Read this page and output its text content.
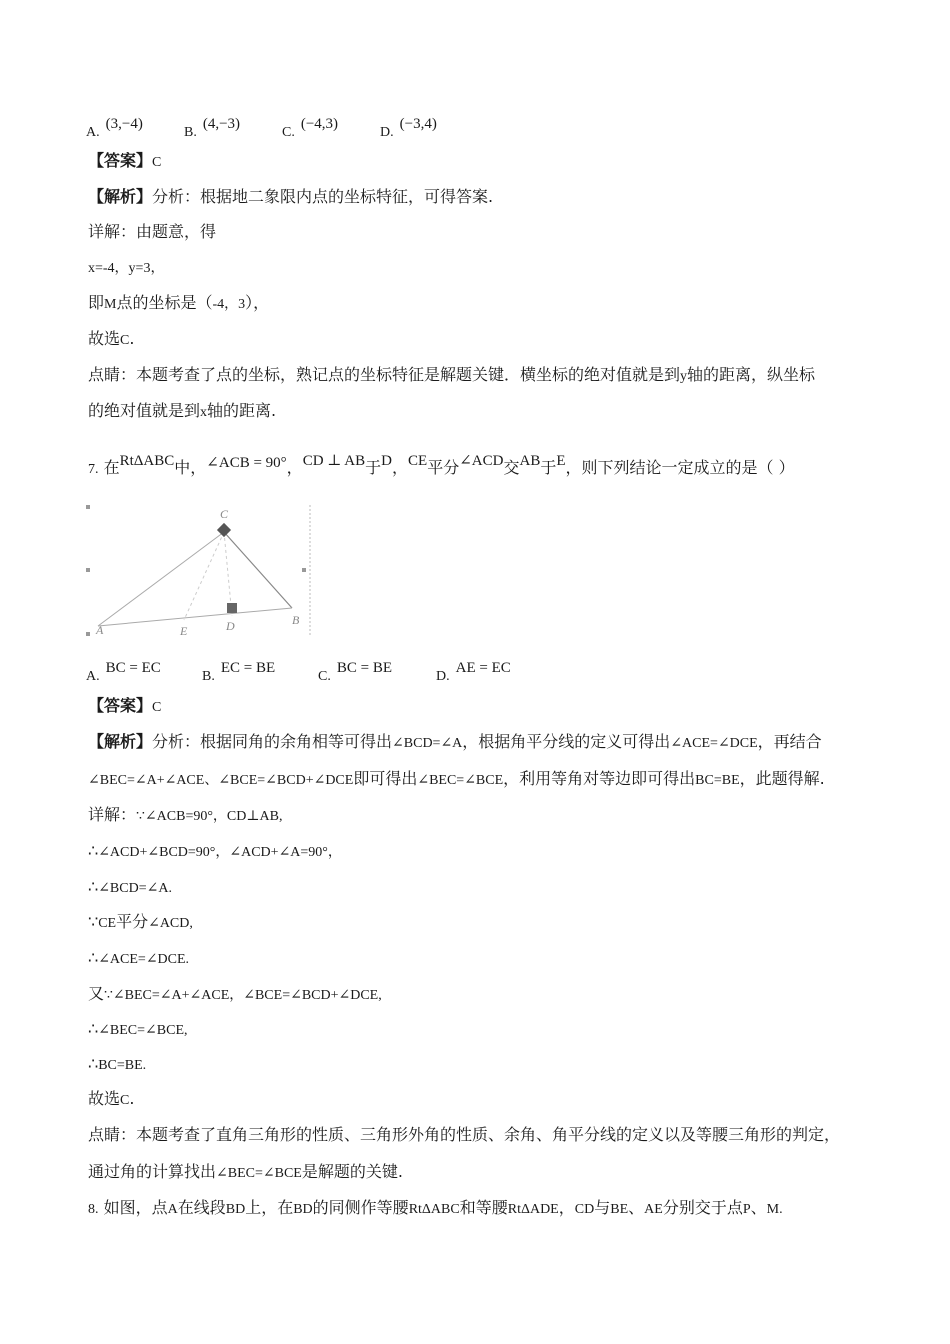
A.(3,−4)
B.(4,−3)
C.(−4,3)
D.(−3,4)
【答案】C
【解析】分析：根据地二象限内点的坐标特征，可得答案.
详解：由题意，得
x=-4，y=3，
即M点的坐标是（-4，3），
故选C.
点睛：本题考查了点的坐标，熟记点的坐标特征是解题关键．横坐标的绝对值就是到y轴的距离，纵坐标
的绝对值就是到x轴的距离.
7. 在RtΔABC中，∠ACB = 90°，CD ⊥ AB于D，CE平分∠ACD交AB于E，则下列结论一定成立的是（ ）
C
A	E	D	B
A.BC = EC
B.EC = BE
C.BC = BE
D.AE = EC
【答案】C
【解析】分析：根据同角的余角相等可得出∠BCD=∠A，根据角平分线的定义可得出∠ACE=∠DCE，再结合
∠BEC=∠A+∠ACE、∠BCE=∠BCD+∠DCE即可得出∠BEC=∠BCE，利用等角对等边即可得出BC=BE，此题得解.
详解：∵∠ACB=90°，CD⊥AB,
∴∠ACD+∠BCD=90°，∠ACD+∠A=90°，
∴∠BCD=∠A.
∵CE平分∠ACD,
∴∠ACE=∠DCE.
又∵∠BEC=∠A+∠ACE，∠BCE=∠BCD+∠DCE,
∴∠BEC=∠BCE,
∴BC=BE.
故选C.
点睛：本题考查了直角三角形的性质、三角形外角的性质、余角、角平分线的定义以及等腰三角形的判定，
通过角的计算找出∠BEC=∠BCE是解题的关键.
8. 如图，点A在线段BD上，在BD的同侧作等腰RtΔABC和等腰RtΔADE，CD与BE、AE分别交于点P、M.
